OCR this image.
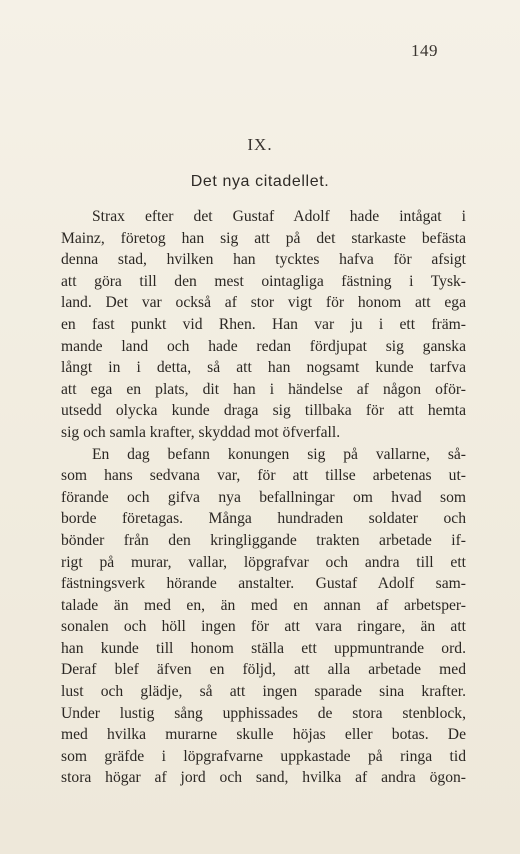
149
IX.
Det nya citadellet.
Strax efter det Gustaf Adolf hade intågat i
Mainz, företog han sig att på det starkaste befästa
denna stad, hvilken han tycktes hafva för afsigt
att göra till den mest ointagliga fästning i Tysk-
land. Det var också af stor vigt för honom att ega
en fast punkt vid Rhen. Han var ju i ett främ-
mande land och hade redan fördjupat sig ganska
långt in i detta, så att han nogsamt kunde tarfva
att ega en plats, dit han i händelse af någon oför-
utsedd olycka kunde draga sig tillbaka för att hemta
sig och samla krafter, skyddad mot öfverfall.
En dag befann konungen sig på vallarne, så-
som hans sedvana var, för att tillse arbetenas ut-
förande och gifva nya befallningar om hvad som
borde företagas. Många hundraden soldater och
bönder från den kringliggande trakten arbetade if-
rigt på murar, vallar, löpgrafvar och andra till ett
fästningsverk hörande anstalter. Gustaf Adolf sam-
talade än med en, än med en annan af arbetsper-
sonalen och höll ingen för att vara ringare, än att
han kunde till honom ställa ett uppmuntrande ord.
Deraf blef äfven en följd, att alla arbetade med
lust och glädje, så att ingen sparade sina krafter.
Under lustig sång upphissades de stora stenblock,
med hvilka murarne skulle höjas eller botas. De
som gräfde i löpgrafvarne uppkastade på ringa tid
stora högar af jord och sand, hvilka af andra ögon-
